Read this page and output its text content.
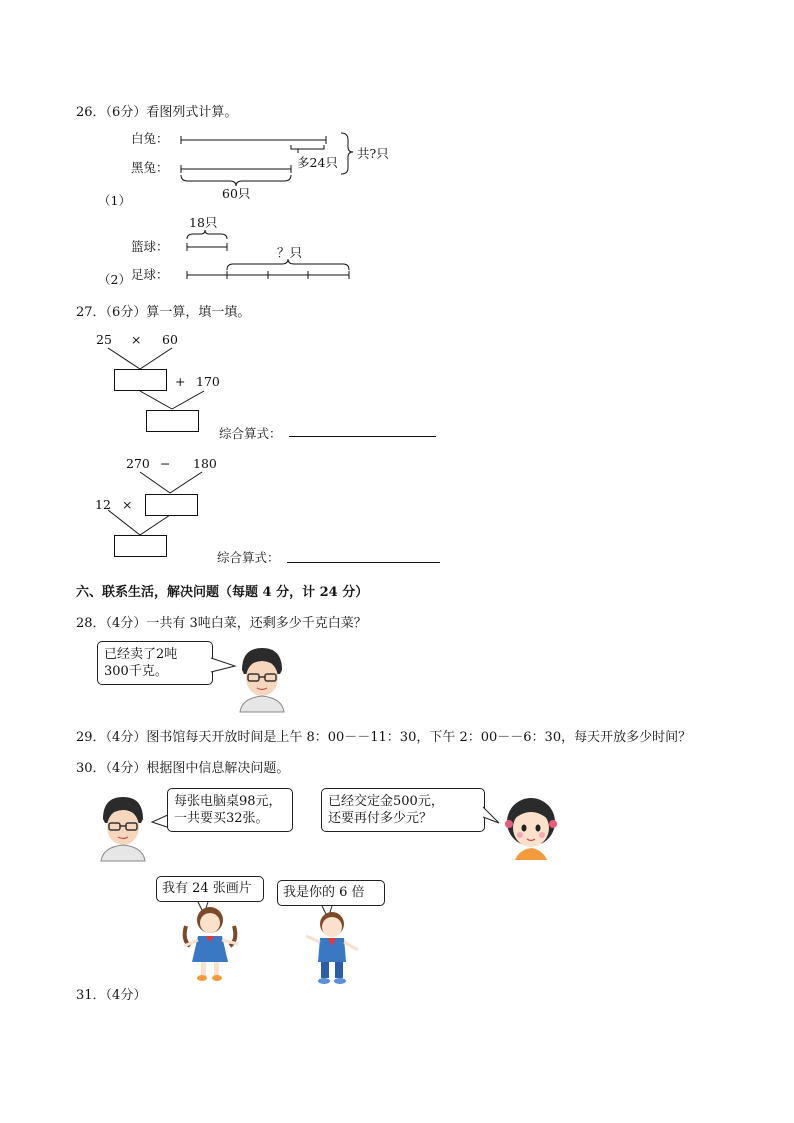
26．（6分）看图列式计算。
白兔：
黑兔：	多24只
共?只
60只
（1）
18只
篮球：	？只
足球：
（2）
27．（6分）算一算，填一填。
25 × 60
+ 170
综合算式：
270 − 180
12 ×
综合算式：
六、联系生活，解决问题（每题 4 分，计 24 分）
28．（4分）一共有 3吨白菜，还剩多少千克白菜？
已经卖了2吨
300千克。
29．（4分）图书馆每天开放时间是上午 8：00－－11：30，下午 2：00－－6：30，每天开放多少时间？
30．（4分）根据图中信息解决问题。
每张电脑桌98元，
一共要买32张。
已经交定金500元，
还要再付多少元？
我有 24 张画片	我是你的 6 倍
31．（4分）
